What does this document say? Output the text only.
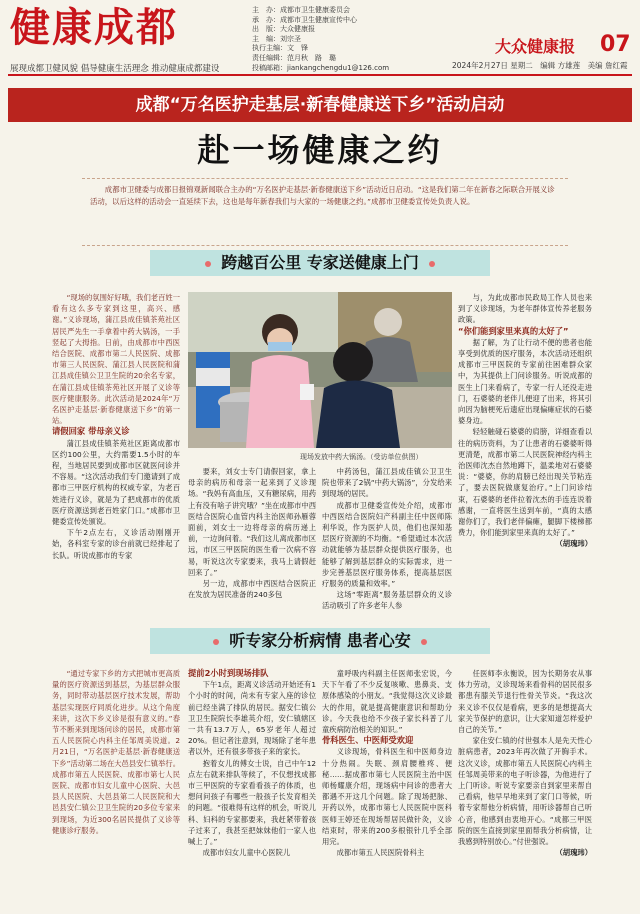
健康成都
展现成都卫健风貌 倡导健康生活理念 推动健康成都建设
主　办：成都市卫生健康委员会
承　办：成都市卫生健康宣传中心
出　版：大众健康报
主　编：刘宗圣
执行主编：文　锋
责任编辑：范月秋　路　璐
投稿邮箱：jiankangchengdu1@126.com
大众健康报 07
2024年2月27日 星期二　编辑 方雄莲　美编 詹红霞
成都“万名医护走基层·新春健康送下乡”活动启动
赴一场健康之约
成都市卫健委与成都日报锦观新闻联合主办的“万名医护走基层·新春健康送下乡”活动近日启动。“这是我们第二年在新春之际联合开展义诊活动，以后这样的活动会一直延续下去，这也是每年新春我们与大家的一场健康之约。”成都市卫健委宣传处负责人说。
跨越百公里 专家送健康上门

“现场的氛围好好哦，我们老百姓一看有这么多专家到这里，高兴、感谢。”义诊现场，蒲江县成佳镇茶苑社区居民严先生一手拿着中药大锅汤，一手竖起了大拇指。日前，由成都市中西医结合医院、成都市第二人民医院、成都市第三人民医院、蒲江县人民医院和蒲江县成佳镇公卫卫生院的20余名专家，在蒲江县成佳镇茶苑社区开展了义诊等医疗健康服务。此次活动是2024年“万名医护走基层·新春健康送下乡”的第一站。

请假回家 带母亲义诊

蒲江县成佳镇茶苑社区距离成都市区约100公里，大约需要1.5小时的车程，当地居民要到成都市区就医问诊并不容易。“这次活动我们专门邀请到了成都市三甲医疗机构的权威专家，为老百姓进行义诊，就是为了把成都市的优质医疗资源送到老百姓家门口。”成都市卫健委宣传处颁说。

下午2点左右，义诊活动刚刚开始，各科室专家的诊台前就已经排起了长队。听说成都市的专家

现场发放中药大锅汤。（受访单位供图）

要来，刘女士专门请假回家，拿上母亲的病历和母亲一起来到了义诊现场。“我妈有高血压，又有糖尿病，用药上有没有啥子讲究哦？”坐在成都市中西医结合医院心血管内科主治医师孙雁蓉面前，刘女士一边将母亲的病历递上前，一边询问着。“我们这儿离成都市区远，市区三甲医院的医生看一次病不容易，听说这次专家要来，我马上请假赶回来了。”

另一边，成都市中西医结合医院正在发放为居民准备的240多包

中药汤包，蒲江县成佳镇公卫卫生院也带来了2锅“中药大锅汤”，分发给来到现场的居民。

成都市卫健委宣传处介绍，成都市中西医结合医院妇产科副主任中医师陈利华说，作为医护人员，他们也深知基层医疗资源的不均衡。“希望通过本次活动就能够为基层群众提供医疗服务，也能够了解到基层群众的实际需求，进一步完善基层医疗服务体系，提高基层医疗服务的质量和效率。”

这场“零距离”服务基层群众的义诊活动吸引了许多老年人参

与，为此成都市民政局工作人员也来到了义诊现场，为老年群体宣传养老服务政策。

“你们能到家里来真的太好了”

据了解，为了让行动不便的患者也能享受到优质的医疗服务，本次活动还组织成都市三甲医院的专家前往困难群众家中，为其提供上门问诊服务。听说成都的医生上门来看病了，专家一行人还没走进门，石婆婆的老伴儿便迎了出来，将其引向因为脑梗死后遗症出现偏瘫症状的石婆婆身边。

轻轻触碰石婆婆的肩膀，详细查看以往的病历资料，为了让患者的石婆婆听得更清楚，成都市第二人民医院神经内科主治医师沈杰自然地蹲下，温柔地对石婆婆说：“婆婆，你的肩膀已经出现关节粘连了，要去医院做康复治疗。”上门问诊结束，石婆婆的老伴拉着沈杰的手连连说着感谢，一直将医生送到车前，“真的太感谢你们了，我们老伴偏瘫，腿脚下楼梯都费力，你们能到家里来真的太好了。”

（胡瑰玮）

听专家分析病情 患者心安

“通过专家下乡的方式把城市更高质量的医疗资源送到基层，为基层群众服务，同时带动基层医疗技术发展，帮助基层实现医疗同质化进步。从这个角度来讲，这次下乡义诊是很有意义的。”春节不断来到现场问诊的居民，成都市第五人民医院心内科主任邹周美说道。2月21日，“万名医护走基层·新春健康送下乡”活动第二场在大邑县安仁镇举行。成都市第五人民医院、成都市第七人民医院、成都市妇女儿童中心医院、大邑县人民医院、大邑县第二人民医院和大邑县安仁镇公卫卫生院的20多位专家来到现场，为近300名居民提供了义诊等健康诊疗服务。

提前2小时到现场排队

下午1点，距离义诊活动开始还有1个小时的时间，尚未有专家入座的诊位前已经坐满了排队的居民。据安仁镇公卫卫生院院长李雄英介绍，安仁镇辖区一共有13.7万人，65岁老年人超过20%。但记者注意到，现场除了老年患者以外，还有很多带孩子来的家长。

抱着女儿的傅女士说，自己中午12点左右就来排队等候了，不仅想找成都市三甲医院的专家看看孩子的体质，也想问问孩子有哪些一般孩子长发育相关的问题。“很难得有这样的机会，听说儿科、妇科的专家都要来，我赶紧带着孩子过来了，我甚至把妹妹他们一家人也喊上了。”

成都市妇女儿童中心医院儿

童呼吸内科副主任医师张宏说，今天下午看了不少反复咳嗽、患鼻炎、支原体感染的小朋友。“我觉得这次义诊最大的作用，就是提高健康意识和帮助分诊。今天我也给不少孩子家长科普了儿童疾病防治相关的知识。”

骨科医生、中医师受欢迎

义诊现场，骨科医生和中医师身边十分热闹。失眠、颈肩腰椎疼、便秘……据成都市第七人民医院主治中医师杨耀康介绍，现场病中问诊的患者大都遇不开这几个问题。除了现场把脉、开药以外，成都市第七人民医院中医科医师王婷还在现场帮居民做针灸，义诊结束时，带来的200多根银针几乎全部用完。

成都市第五人民医院骨科主

任医师李永衡说，因为长期务农从事体力劳动，义诊现场来看骨科的居民很多都患有膝关节退行性骨关节炎。“我这次来义诊不仅仅是看病，更多的是想提高大家关节保护的意识，让大家知道怎样爱护自己的关节。”

家住安仁镇的付世强本人是先天性心脏病患者，2023年再次做了开胸手术。这次义诊，成都市第五人民医院心内科主任邹周美带来的电子听诊器，为他进行了上门听诊。听说专家要亲自到家里来帮自己看病，他早早地来到了家门口等候，听着专家帮他分析病情，用听诊器帮自己听心音，他感到由衷地开心。“成都三甲医院的医生直接到家里面帮我分析病情，让我感到特别放心。”付世强说。

（胡瑰玮）
